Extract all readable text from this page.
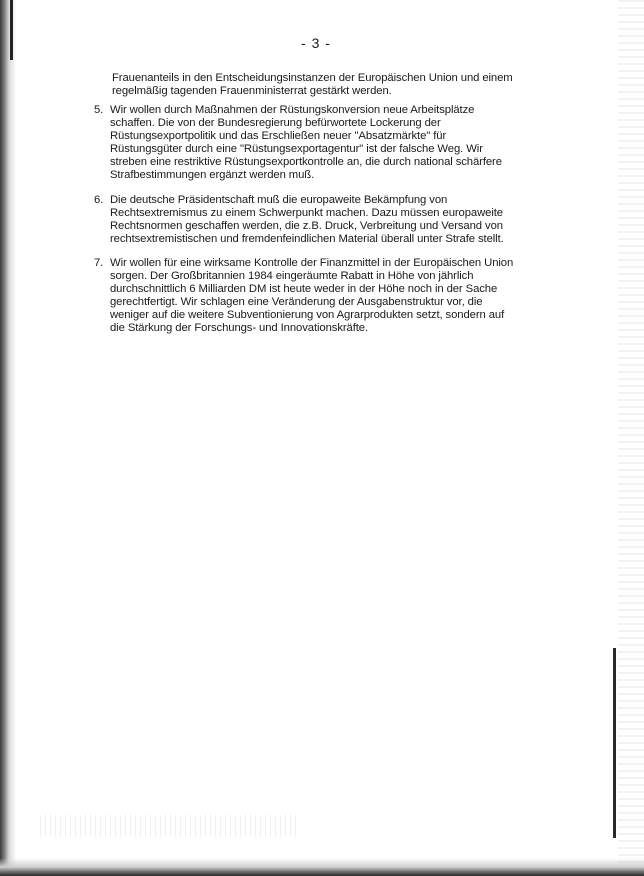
- 3 -
Frauenanteils in den Entscheidungsinstanzen der Europäischen Union und einem
regelmäßig tagenden Frauenministerrat gestärkt werden.
5. Wir wollen durch Maßnahmen der Rüstungskonversion neue Arbeitsplätze
schaffen. Die von der Bundesregierung befürwortete Lockerung der
Rüstungsexportpolitik und das Erschließen neuer "Absatzmärkte" für
Rüstungsgüter durch eine "Rüstungsexportagentur" ist der falsche Weg. Wir
streben eine restriktive Rüstungsexportkontrolle an, die durch national schärfere
Strafbestimmungen ergänzt werden muß.
6. Die deutsche Präsidentschaft muß die europaweite Bekämpfung von
Rechtsextremismus zu einem Schwerpunkt machen. Dazu müssen europaweite
Rechtsnormen geschaffen werden, die z.B. Druck, Verbreitung und Versand von
rechtsextremistischen und fremdenfeindlichen Material überall unter Strafe stellt.
7. Wir wollen für eine wirksame Kontrolle der Finanzmittel in der Europäischen Union
sorgen. Der Großbritannien 1984 eingeräumte Rabatt in Höhe von jährlich
durchschnittlich 6 Milliarden DM ist heute weder in der Höhe noch in der Sache
gerechtfertigt. Wir schlagen eine Veränderung der Ausgabenstruktur vor, die
weniger auf die weitere Subventionierung von Agrarprodukten setzt, sondern auf
die Stärkung der Forschungs- und Innovationskräfte.
